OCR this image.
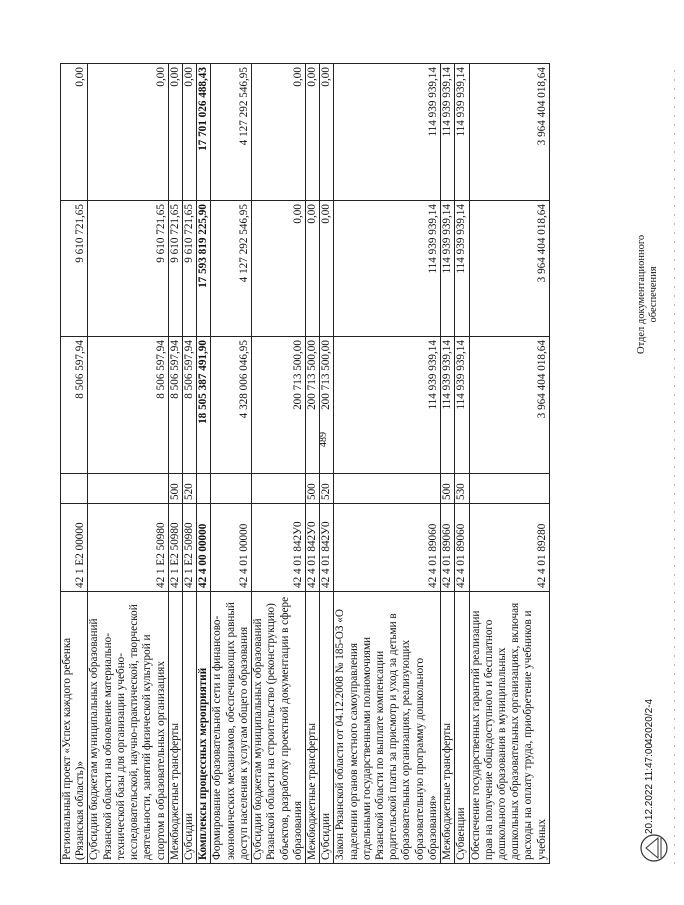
489
Региональный проект «Успех каждого ребенка (Рязанская область)»	42 1 E2 00000		8 506 597,94	9 610 721,65	0,00
Субсидии бюджетам муниципальных образований Рязанской области на обновление материально-технической базы для организации учебно-исследовательской, научно-практической, творческой деятельности, занятий физической культурой и спортом в образовательных организациях	42 1 E2 50980		8 506 597,94	9 610 721,65	0,00
Межбюджетные трансферты	42 1 E2 50980	500	8 506 597,94	9 610 721,65	0,00
Субсидии	42 1 E2 50980	520	8 506 597,94	9 610 721,65	0,00
Комплексы процессных мероприятий	42 4 00 00000		18 505 387 491,90	17 593 819 225,90	17 701 026 488,43
Формирование образовательной сети и финансово-экономических механизмов, обеспечивающих равный доступ населения к услугам общего образования	42 4 01 00000		4 328 006 046,95	4 127 292 546,95	4 127 292 546,95
Субсидии бюджетам муниципальных образований Рязанской области на строительство (реконструкцию) объектов, разработку проектной документации в сфере образования	42 4 01 842У0		200 713 500,00	0,00	0,00
Межбюджетные трансферты	42 4 01 842У0	500	200 713 500,00	0,00	0,00
Субсидии	42 4 01 842У0	520	200 713 500,00	0,00	0,00
Закон Рязанской области от 04.12.2008 № 185-ОЗ «О наделении органов местного самоуправления отдельными государственными полномочиями Рязанской области по выплате компенсации родительской платы за присмотр и уход за детьми в образовательных организациях, реализующих образовательную программу дошкольного образования»	42 4 01 89060		114 939 939,14	114 939 939,14	114 939 939,14
Межбюджетные трансферты	42 4 01 89060	500	114 939 939,14	114 939 939,14	114 939 939,14
Субвенции	42 4 01 89060	530	114 939 939,14	114 939 939,14	114 939 939,14
Обеспечение государственных гарантий реализации прав на получение общедоступного и бесплатного дошкольного образования в муниципальных дошкольных образовательных организациях, включая расходы на оплату труда, приобретение учебников и учебных	42 4 01 89280		3 964 404 018,64	3 964 404 018,64	3 964 404 018,64
20.12.2022 11:47:00
42020/2-4
Отдел документационного обеспечения
